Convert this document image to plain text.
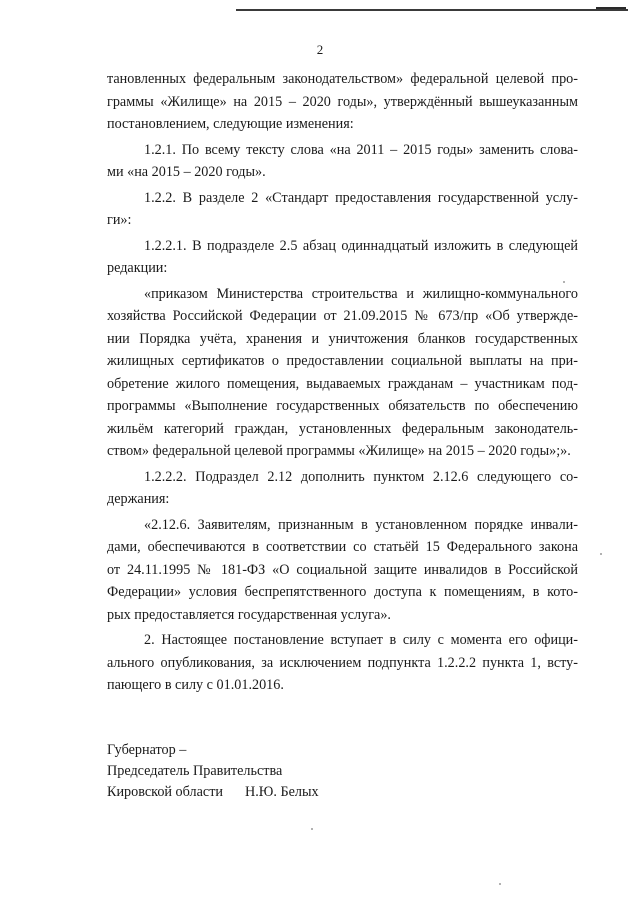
2
тановленных федеральным законодательством» федеральной целевой про-
граммы «Жилище» на 2015 – 2020 годы», утверждённый вышеуказанным
постановлением, следующие изменения:
1.2.1. По всему тексту слова «на 2011 – 2015 годы» заменить слова-
ми «на 2015 – 2020 годы».
1.2.2. В разделе 2 «Стандарт предоставления государственной услу-
ги»:
1.2.2.1. В подразделе 2.5 абзац одиннадцатый изложить в следующей
редакции:
«приказом Министерства строительства и жилищно-коммунального
хозяйства Российской Федерации от 21.09.2015 № 673/пр «Об утвержде-
нии Порядка учёта, хранения и уничтожения бланков государственных
жилищных сертификатов о предоставлении социальной выплаты на при-
обретение жилого помещения, выдаваемых гражданам – участникам под-
программы «Выполнение государственных обязательств по обеспечению
жильём категорий граждан, установленных федеральным законодатель-
ством» федеральной целевой программы «Жилище» на 2015 – 2020 годы»;».
1.2.2.2. Подраздел 2.12 дополнить пунктом 2.12.6 следующего со-
держания:
«2.12.6. Заявителям, признанным в установленном порядке инвали-
дами, обеспечиваются в соответствии со статьёй 15 Федерального закона
от 24.11.1995 № 181-ФЗ «О социальной защите инвалидов в Российской
Федерации» условия беспрепятственного доступа к помещениям, в кото-
рых предоставляется государственная услуга».
2. Настоящее постановление вступает в силу с момента его офици-
ального опубликования, за исключением подпункта 1.2.2.2 пункта 1, всту-
пающего в силу с 01.01.2016.
Губернатор –
Председатель Правительства
Кировской области Н.Ю. Белых
